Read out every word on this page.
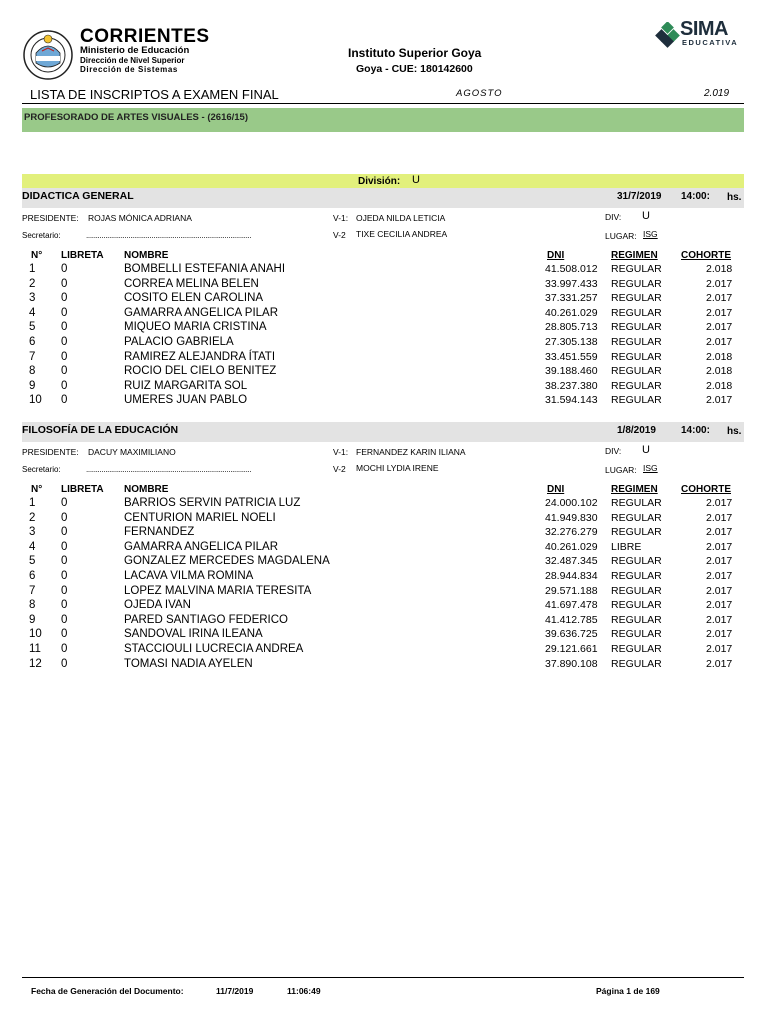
CORRIENTES
Ministerio de Educación
Dirección de Nivel Superior
Dirección de Sistemas
Instituto Superior Goya
Goya - CUE: 180142600
SIMA
EDUCATIVA
LISTA DE INSCRIPTOS A EXAMEN FINAL	AGOSTO	2.019
PROFESORADO DE ARTES VISUALES - (2616/15)
División: U
DIDACTICA GENERAL	31/7/2019 14:00: hs.
PRESIDENTE: ROJAS MÓNICA ADRIANA	V-1: OJEDA NILDA LETICIA	DIV: U
Secretario:	......................................................................................	V-2 TIXE CECILIA ANDREA	LUGAR: ISG
N° LIBRETA NOMBRE	DNI	REGIMEN COHORTE
1 0	BOMBELLI ESTEFANIA ANAHI	41.508.012 REGULAR	2.018
2 0	CORREA MELINA BELEN	33.997.433 REGULAR	2.017
3 0	COSITO ELEN CAROLINA	37.331.257 REGULAR	2.017
4 0	GAMARRA ANGELICA PILAR	40.261.029 REGULAR	2.017
5 0	MIQUEO MARIA CRISTINA	28.805.713 REGULAR	2.017
6 0	PALACIO GABRIELA	27.305.138 REGULAR	2.017
7 0	RAMIREZ ALEJANDRA ÍTATI	33.451.559 REGULAR	2.018
8 0	ROCIO DEL CIELO BENITEZ	39.188.460 REGULAR	2.018
9 0	RUIZ MARGARITA SOL	38.237.380 REGULAR	2.018
10 0	UMERES JUAN PABLO	31.594.143 REGULAR	2.017
FILOSOFÍA DE LA EDUCACIÓN	1/8/2019	14:00: hs.
PRESIDENTE: DACUY MAXIMILIANO	V-1: FERNANDEZ KARIN ILIANA	DIV: U
Secretario:	......................................................................................	V-2 MOCHI LYDIA IRENE	LUGAR: ISG
N° LIBRETA NOMBRE	DNI	REGIMEN COHORTE
1 0	BARRIOS SERVIN PATRICIA LUZ	24.000.102 REGULAR	2.017
2 0	CENTURION MARIEL NOELI	41.949.830 REGULAR	2.017
3 0	FERNANDEZ	32.276.279 REGULAR	2.017
4 0	GAMARRA ANGELICA PILAR	40.261.029 LIBRE	2.017
5 0	GONZALEZ MERCEDES MAGDALENA	32.487.345 REGULAR	2.017
6 0	LACAVA VILMA ROMINA	28.944.834 REGULAR	2.017
7 0	LOPEZ MALVINA MARIA TERESITA	29.571.188 REGULAR	2.017
8 0	OJEDA IVAN	41.697.478 REGULAR	2.017
9 0	PARED SANTIAGO FEDERICO	41.412.785 REGULAR	2.017
10 0	SANDOVAL IRINA ILEANA	39.636.725 REGULAR	2.017
11 0	STACCIOULI LUCRECIA ANDREA	29.121.661 REGULAR	2.017
12 0	TOMASI NADIA AYELEN	37.890.108 REGULAR	2.017
Fecha de Generación del Documento:	11/7/2019	11:06:49	Página 1 de 169
